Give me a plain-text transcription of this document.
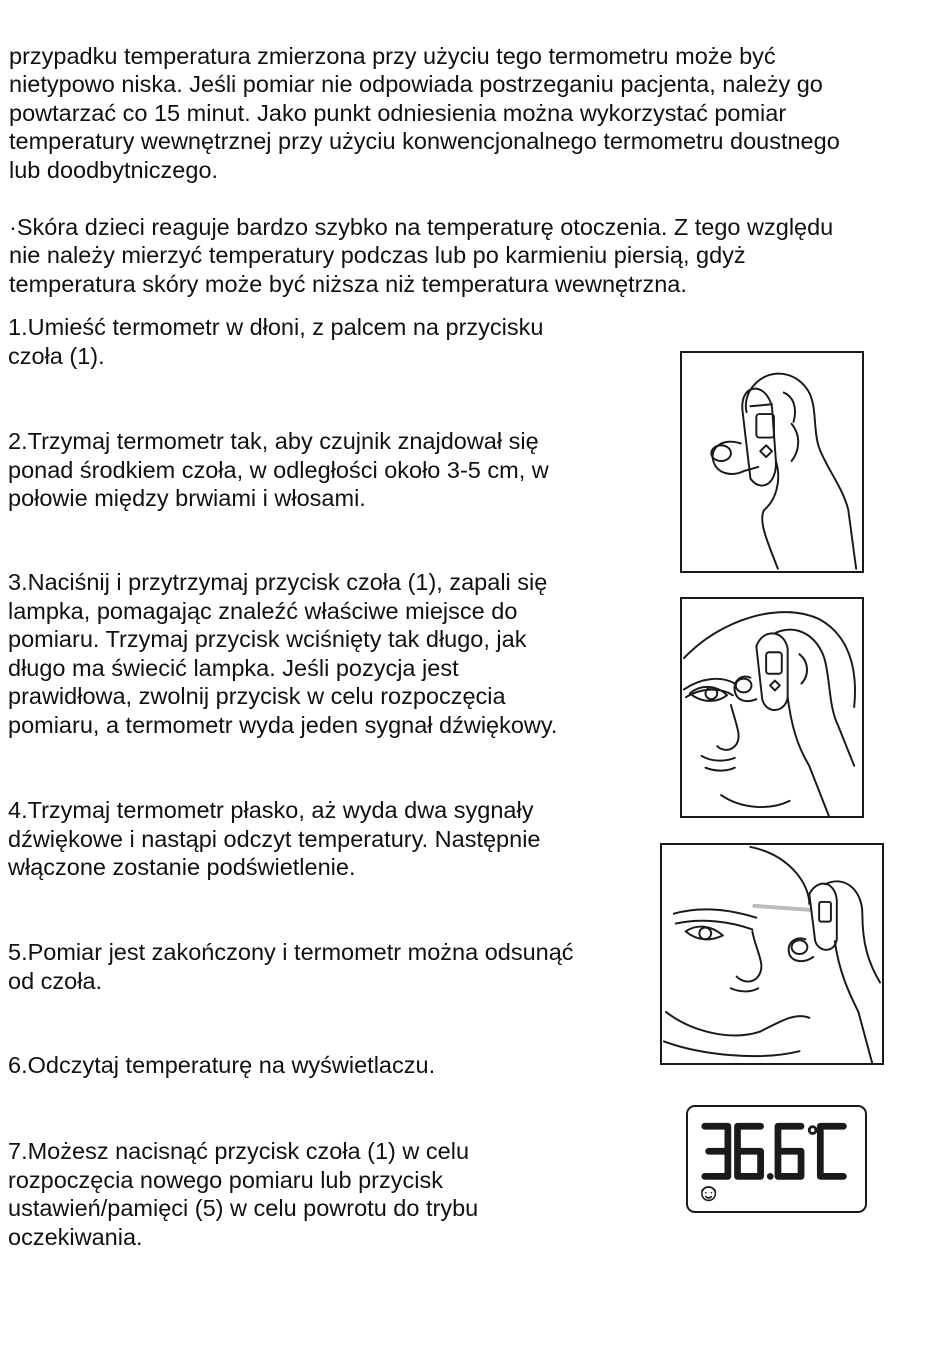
przypadku temperatura zmierzona przy użyciu tego termometru może być
nietypowo niska. Jeśli pomiar nie odpowiada postrzeganiu pacjenta, należy go
powtarzać co 15 minut. Jako punkt odniesienia można wykorzystać pomiar
temperatury wewnętrznej przy użyciu konwencjonalnego termometru doustnego
lub doodbytniczego.

·Skóra dzieci reaguje bardzo szybko na temperaturę otoczenia. Z tego względu
nie należy mierzyć temperatury podczas lub po karmieniu piersią, gdyż
temperatura skóry może być niższa niż temperatura wewnętrzna.

1.Umieść termometr w dłoni, z palcem na przycisku
czoła (1).

2.Trzymaj termometr tak, aby czujnik znajdował się
ponad środkiem czoła, w odległości około 3-5 cm, w
połowie między brwiami i włosami.

3.Naciśnij i przytrzymaj przycisk czoła (1), zapali się
lampka, pomagając znaleźć właściwe miejsce do
pomiaru. Trzymaj przycisk wciśnięty tak długo, jak
długo ma świecić lampka. Jeśli pozycja jest
prawidłowa, zwolnij przycisk w celu rozpoczęcia
pomiaru, a termometr wyda jeden sygnał dźwiękowy.

4.Trzymaj termometr płasko, aż wyda dwa sygnały
dźwiękowe i nastąpi odczyt temperatury. Następnie
włączone zostanie podświetlenie.

5.Pomiar jest zakończony i termometr można odsunąć
od czoła.

6.Odczytaj temperaturę na wyświetlaczu.

7.Możesz nacisnąć przycisk czoła (1) w celu
rozpoczęcia nowego pomiaru lub przycisk
ustawień/pamięci (5) w celu powrotu do trybu
oczekiwania.
